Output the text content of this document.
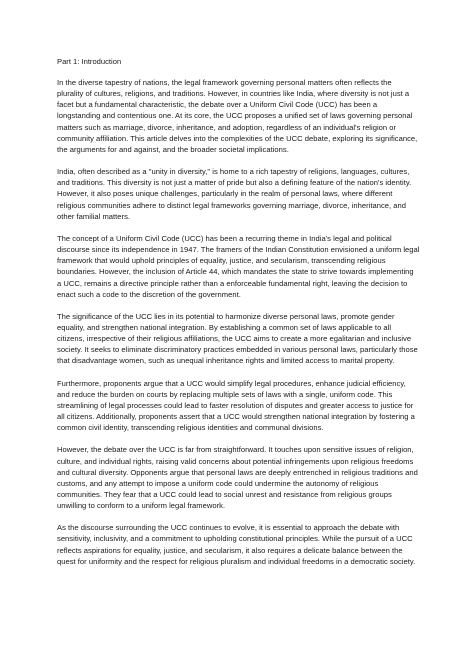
Part 1: Introduction

In the diverse tapestry of nations, the legal framework governing personal matters often reflects the plurality of cultures, religions, and traditions. However, in countries like India, where diversity is not just a facet but a fundamental characteristic, the debate over a Uniform Civil Code (UCC) has been a longstanding and contentious one. At its core, the UCC proposes a unified set of laws governing personal matters such as marriage, divorce, inheritance, and adoption, regardless of an individual's religion or community affiliation. This article delves into the complexities of the UCC debate, exploring its significance, the arguments for and against, and the broader societal implications.

India, often described as a "unity in diversity," is home to a rich tapestry of religions, languages, cultures, and traditions. This diversity is not just a matter of pride but also a defining feature of the nation's identity. However, it also poses unique challenges, particularly in the realm of personal laws, where different religious communities adhere to distinct legal frameworks governing marriage, divorce, inheritance, and other familial matters.

The concept of a Uniform Civil Code (UCC) has been a recurring theme in India's legal and political discourse since its independence in 1947. The framers of the Indian Constitution envisioned a uniform legal framework that would uphold principles of equality, justice, and secularism, transcending religious boundaries. However, the inclusion of Article 44, which mandates the state to strive towards implementing a UCC, remains a directive principle rather than a enforceable fundamental right, leaving the decision to enact such a code to the discretion of the government.

The significance of the UCC lies in its potential to harmonize diverse personal laws, promote gender equality, and strengthen national integration. By establishing a common set of laws applicable to all citizens, irrespective of their religious affiliations, the UCC aims to create a more egalitarian and inclusive society. It seeks to eliminate discriminatory practices embedded in various personal laws, particularly those that disadvantage women, such as unequal inheritance rights and limited access to marital property.

Furthermore, proponents argue that a UCC would simplify legal procedures, enhance judicial efficiency, and reduce the burden on courts by replacing multiple sets of laws with a single, uniform code. This streamlining of legal processes could lead to faster resolution of disputes and greater access to justice for all citizens. Additionally, proponents assert that a UCC would strengthen national integration by fostering a common civil identity, transcending religious identities and communal divisions.

However, the debate over the UCC is far from straightforward. It touches upon sensitive issues of religion, culture, and individual rights, raising valid concerns about potential infringements upon religious freedoms and cultural diversity. Opponents argue that personal laws are deeply entrenched in religious traditions and customs, and any attempt to impose a uniform code could undermine the autonomy of religious communities. They fear that a UCC could lead to social unrest and resistance from religious groups unwilling to conform to a uniform legal framework.

As the discourse surrounding the UCC continues to evolve, it is essential to approach the debate with sensitivity, inclusivity, and a commitment to upholding constitutional principles. While the pursuit of a UCC reflects aspirations for equality, justice, and secularism, it also requires a delicate balance between the quest for uniformity and the respect for religious pluralism and individual freedoms in a democratic society.
